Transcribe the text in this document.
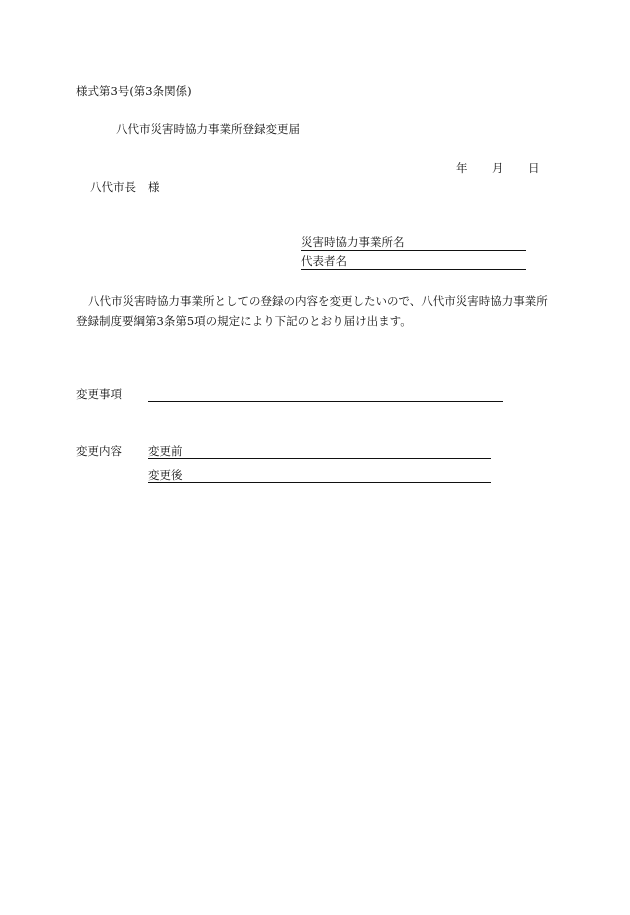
様式第3号(第3条関係)
八代市災害時協力事業所登録変更届
年 月 日
八代市長 様
災害時協力事業所名
代表者名
八代市災害時協力事業所としての登録の内容を変更したいので、八代市災害時協力事業所登録制度要綱第3条第5項の規定により下記のとおり届け出ます。
変更事項
変更内容 変更前
変更後
